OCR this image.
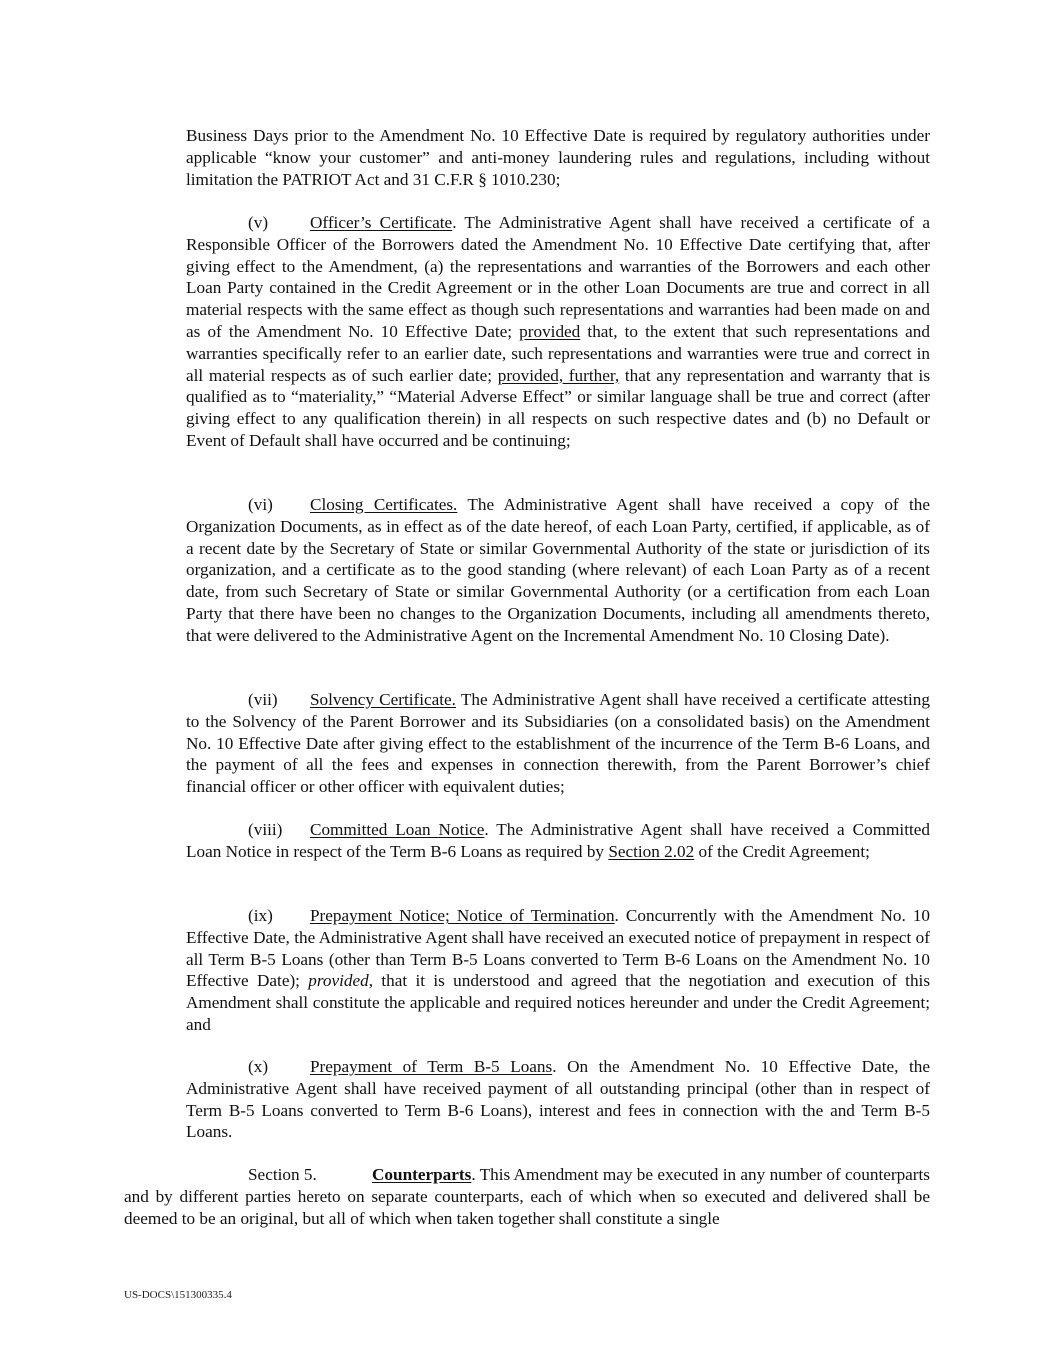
Business Days prior to the Amendment No. 10 Effective Date is required by regulatory authorities under applicable “know your customer” and anti-money laundering rules and regulations, including without limitation the PATRIOT Act and 31 C.F.R § 1010.230;

(v) Officer’s Certificate. The Administrative Agent shall have received a certificate of a Responsible Officer of the Borrowers dated the Amendment No. 10 Effective Date certifying that, after giving effect to the Amendment, (a) the representations and warranties of the Borrowers and each other Loan Party contained in the Credit Agreement or in the other Loan Documents are true and correct in all material respects with the same effect as though such representations and warranties had been made on and as of the Amendment No. 10 Effective Date; provided that, to the extent that such representations and warranties specifically refer to an earlier date, such representations and warranties were true and correct in all material respects as of such earlier date; provided, further, that any representation and warranty that is qualified as to “materiality,” “Material Adverse Effect” or similar language shall be true and correct (after giving effect to any qualification therein) in all respects on such respective dates and (b) no Default or Event of Default shall have occurred and be continuing;

(vi) Closing Certificates. The Administrative Agent shall have received a copy of the Organization Documents, as in effect as of the date hereof, of each Loan Party, certified, if applicable, as of a recent date by the Secretary of State or similar Governmental Authority of the state or jurisdiction of its organization, and a certificate as to the good standing (where relevant) of each Loan Party as of a recent date, from such Secretary of State or similar Governmental Authority (or a certification from each Loan Party that there have been no changes to the Organization Documents, including all amendments thereto, that were delivered to the Administrative Agent on the Incremental Amendment No. 10 Closing Date).

(vii) Solvency Certificate. The Administrative Agent shall have received a certificate attesting to the Solvency of the Parent Borrower and its Subsidiaries (on a consolidated basis) on the Amendment No. 10 Effective Date after giving effect to the establishment of the incurrence of the Term B-6 Loans, and the payment of all the fees and expenses in connection therewith, from the Parent Borrower’s chief financial officer or other officer with equivalent duties;

(viii) Committed Loan Notice. The Administrative Agent shall have received a Committed Loan Notice in respect of the Term B-6 Loans as required by Section 2.02 of the Credit Agreement;

(ix) Prepayment Notice; Notice of Termination. Concurrently with the Amendment No. 10 Effective Date, the Administrative Agent shall have received an executed notice of prepayment in respect of all Term B-5 Loans (other than Term B-5 Loans converted to Term B-6 Loans on the Amendment No. 10 Effective Date); provided, that it is understood and agreed that the negotiation and execution of this Amendment shall constitute the applicable and required notices hereunder and under the Credit Agreement; and

(x) Prepayment of Term B-5 Loans. On the Amendment No. 10 Effective Date, the Administrative Agent shall have received payment of all outstanding principal (other than in respect of Term B-5 Loans converted to Term B-6 Loans), interest and fees in connection with the and Term B-5 Loans.

Section 5.	Counterparts. This Amendment may be executed in any number of counterparts and by different parties hereto on separate counterparts, each of which when so executed and delivered shall be deemed to be an original, but all of which when taken together shall constitute a single

US-DOCS\151300335.4
